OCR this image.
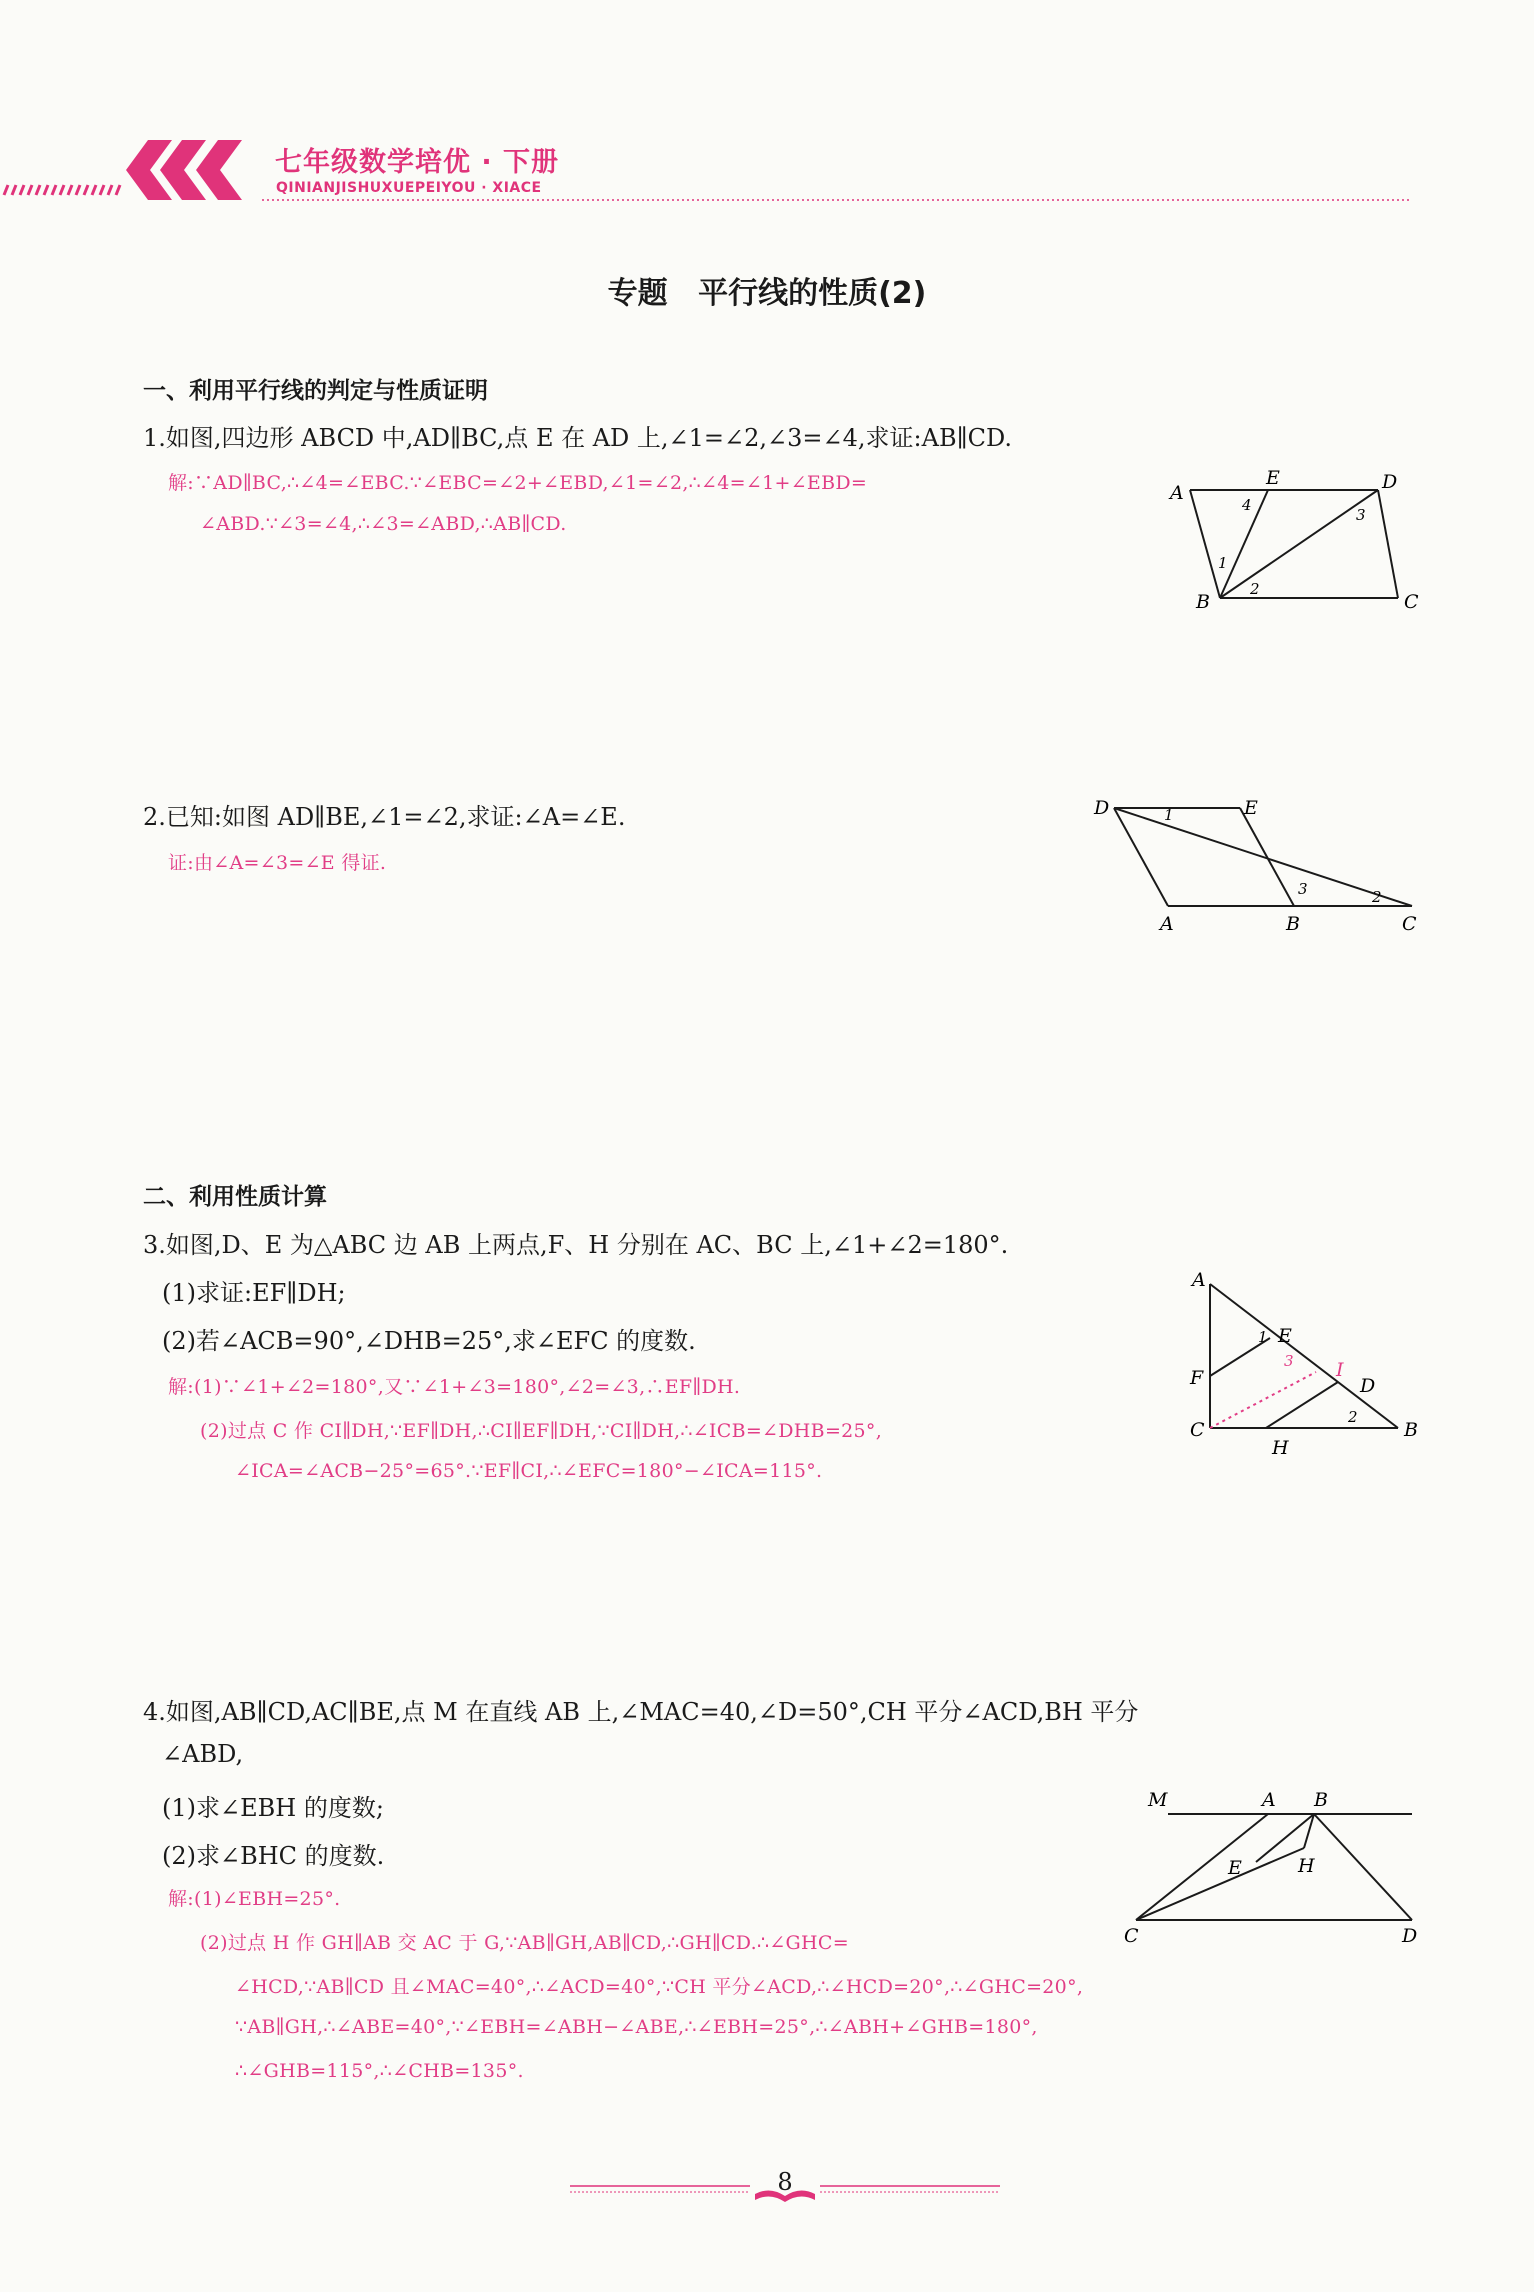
七年级数学培优 · 下册
QINIANJISHUXUEPEIYOU · XIACE
专题 平行线的性质(2)
一、利用平行线的判定与性质证明
1.如图,四边形 ABCD 中,AD∥BC,点 E 在 AD 上,∠1=∠2,∠3=∠4,求证:AB∥CD.
解:∵AD∥BC,∴∠4=∠EBC.∵∠EBC=∠2+∠EBD,∠1=∠2,∴∠4=∠1+∠EBD=
∠ABD.∵∠3=∠4,∴∠3=∠ABD,∴AB∥CD.
A
E	D
B	C
1
2
3
4
2.已知:如图 AD∥BE,∠1=∠2,求证:∠A=∠E.
证:由∠A=∠3=∠E 得证.
D	E
A	B	C
1
2
3
二、利用性质计算
3.如图,D、E 为△ABC 边 AB 上两点,F、H 分别在 AC、BC 上,∠1+∠2=180°.
(1)求证:EF∥DH;
(2)若∠ACB=90°,∠DHB=25°,求∠EFC 的度数.
解:(1)∵∠1+∠2=180°,又∵∠1+∠3=180°,∠2=∠3,∴EF∥DH.
(2)过点 C 作 CI∥DH,∵EF∥DH,∴CI∥EF∥DH,∵CI∥DH,∴∠ICB=∠DHB=25°,
∠ICA=∠ACB−25°=65°.∵EF∥CI,∴∠EFC=180°−∠ICA=115°.
A
E
F	D
C
H
B
I
1
2
3
4.如图,AB∥CD,AC∥BE,点 M 在直线 AB 上,∠MAC=40,∠D=50°,CH 平分∠ACD,BH 平分
∠ABD,
(1)求∠EBH 的度数;
(2)求∠BHC 的度数.
解:(1)∠EBH=25°.
(2)过点 H 作 GH∥AB 交 AC 于 G,∵AB∥GH,AB∥CD,∴GH∥CD.∴∠GHC=
∠HCD,∵AB∥CD 且∠MAC=40°,∴∠ACD=40°,∵CH 平分∠ACD,∴∠HCD=20°,∴∠GHC=20°,
∵AB∥GH,∴∠ABE=40°,∵∠EBH=∠ABH−∠ABE,∴∠EBH=25°,∴∠ABH+∠GHB=180°,
∴∠GHB=115°,∴∠CHB=135°.
M	A B
E	H
C	D
8
